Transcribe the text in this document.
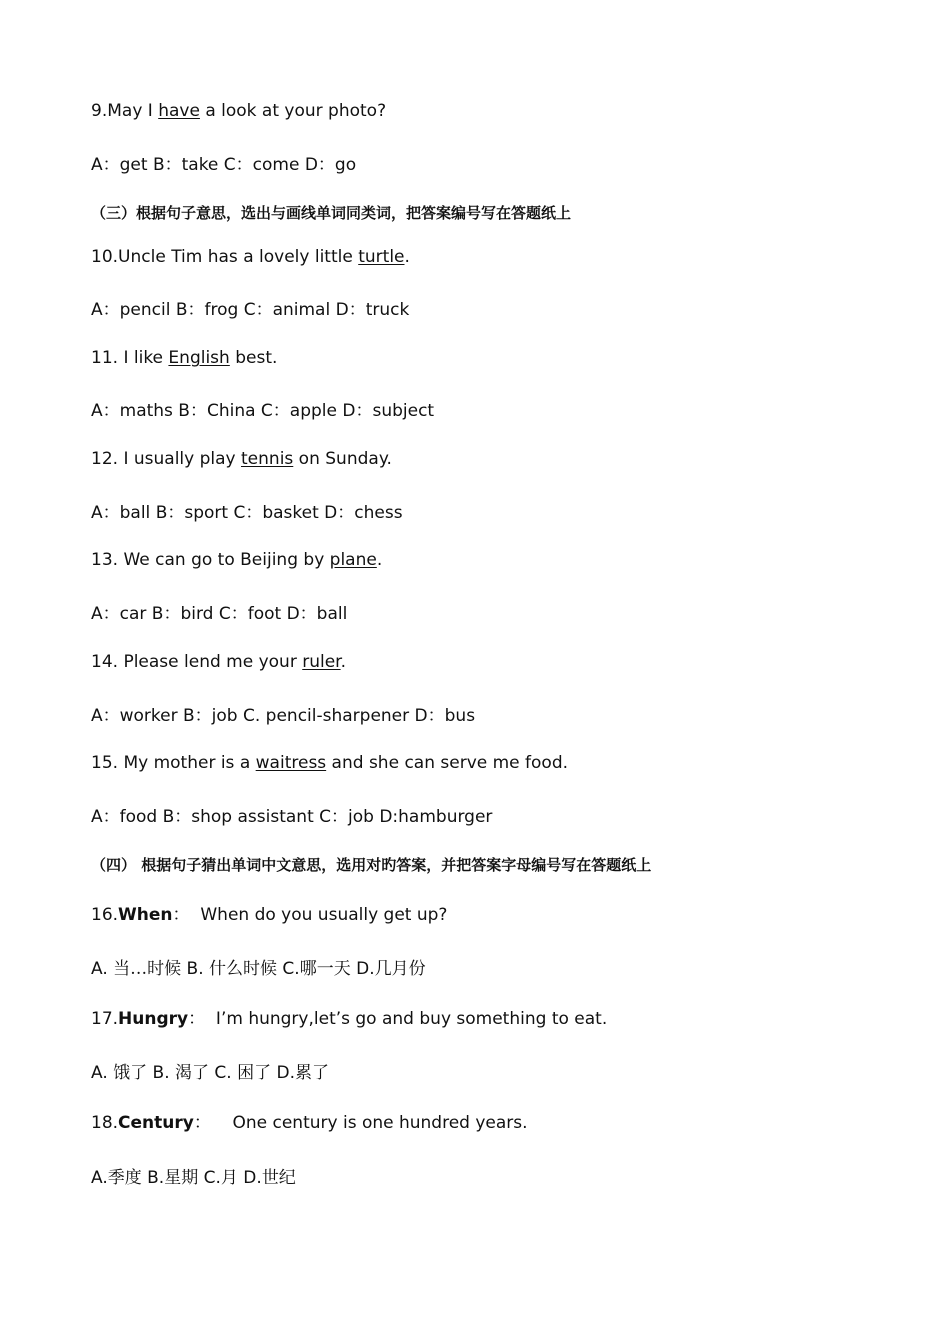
9.May I have a look at your photo?
A：get B：take C：come D：go
（三）根据句子意思，选出与画线单词同类词，把答案编号写在答题纸上
10.Uncle Tim has a lovely little turtle.
A：pencil B：frog C：animal D：truck
11. I like English best.
A：maths B：China C：apple D：subject
12. I usually play tennis on Sunday.
A：ball B：sport C：basket D：chess
13. We can go to Beijing by plane.
A：car B：bird C：foot D：ball
14. Please lend me your ruler.
A：worker B：job C. pencil-sharpener D：bus
15. My mother is a waitress and she can serve me food.
A：food B：shop assistant C：job D:hamburger
（四） 根据句子猜出单词中文意思，选用对旳答案，并把答案字母编号写在答题纸上
16.When：  When do you usually get up?
A. 当…时候 B. 什么时候 C.哪一天 D.几月份
17.Hungry：  I’m hungry,let’s go and buy something to eat.
A. 饿了 B. 渴了 C. 困了 D.累了
18.Century：    One century is one hundred years.
A.季度 B.星期 C.月 D.世纪
